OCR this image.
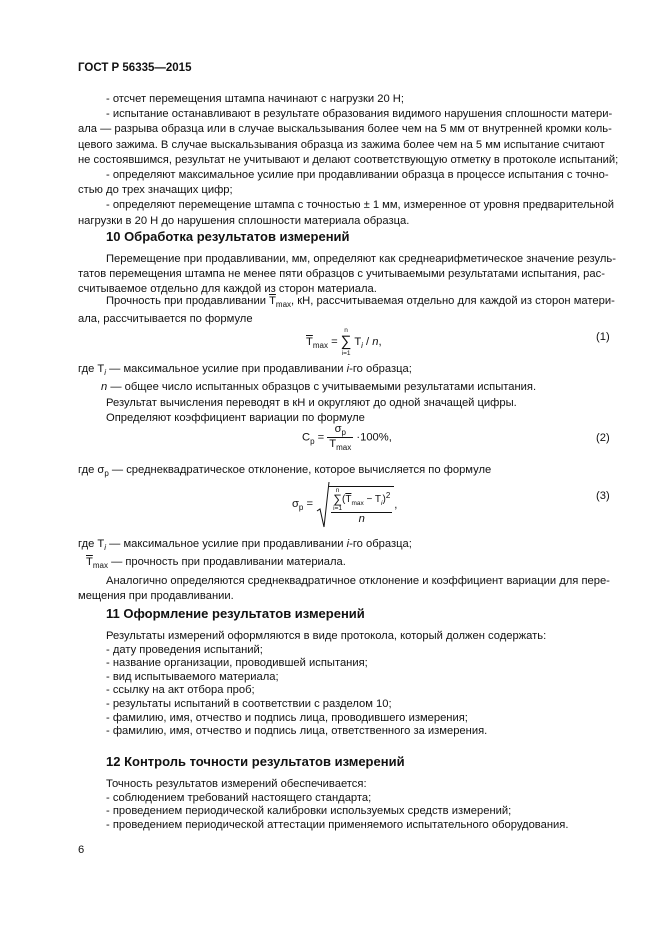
ГОСТ Р 56335—2015
- отсчет перемещения штампа начинают с нагрузки 20 Н;
- испытание останавливают в результате образования видимого нарушения сплошности матери-
ала — разрыва образца или в случае выскальзывания более чем на 5 мм от внутренней кромки коль-
цевого зажима. В случае выскальзывания образца из зажима более чем на 5 мм испытание считают
не состоявшимся, результат не учитывают и делают соответствующую отметку в протоколе испытаний;
- определяют максимальное усилие при продавливании образца в процессе испытания с точно-
стью до трех значащих цифр;
- определяют перемещение штампа с точностью ± 1 мм, измеренное от уровня предварительной
нагрузки в 20 Н до нарушения сплошности материала образца.
10 Обработка результатов измерений
Перемещение при продавливании, мм, определяют как среднеарифметическое значение резуль-
татов перемещения штампа не менее пяти образцов с учитываемыми результатами испытания, рас-
считываемое отдельно для каждой из сторон материала.
Прочность при продавливании $\overline{T}_{max}$, кН, рассчитываемая отдельно для каждой из сторон матери-
ала, рассчитывается по формуле
$\overline{T}_{max}$ =
n
∑
i=1
$T_i$ / n,	(1)
где $T_i$ — максимальное усилие при продавливании i-го образца;
n — общее число испытанных образцов с учитываемыми результатами испытания.
Результат вычисления переводят в кН и округляют до одной значащей цифры.
Определяют коэффициент вариации по формуле
$C_p = \frac{\sigma_p}{\overline{T}_{max}} \cdot 100\%$,	(2)
где $\sigma_p$ — среднеквадратическое отклонение, которое вычисляется по формуле
$\sigma_p$ =	n
∑
i=1
$(\overline{T}_{max} - T_i)^2$
n ,
(3)
где $T_i$ — максимальное усилие при продавливании i-го образца;
$\overline{T}_{max}$ — прочность при продавливании материала.
Аналогично определяются среднеквадратичное отклонение и коэффициент вариации для пере-
мещения при продавливании.
11 Оформление результатов измерений
Результаты измерений оформляются в виде протокола, который должен содержать:
- дату проведения испытаний;
- название организации, проводившей испытания;
- вид испытываемого материала;
- ссылку на акт отбора проб;
- результаты испытаний в соответствии с разделом 10;
- фамилию, имя, отчество и подпись лица, проводившего измерения;
- фамилию, имя, отчество и подпись лица, ответственного за измерения.
12 Контроль точности результатов измерений
Точность результатов измерений обеспечивается:
- соблюдением требований настоящего стандарта;
- проведением периодической калибровки используемых средств измерений;
- проведением периодической аттестации применяемого испытательного оборудования.
6
